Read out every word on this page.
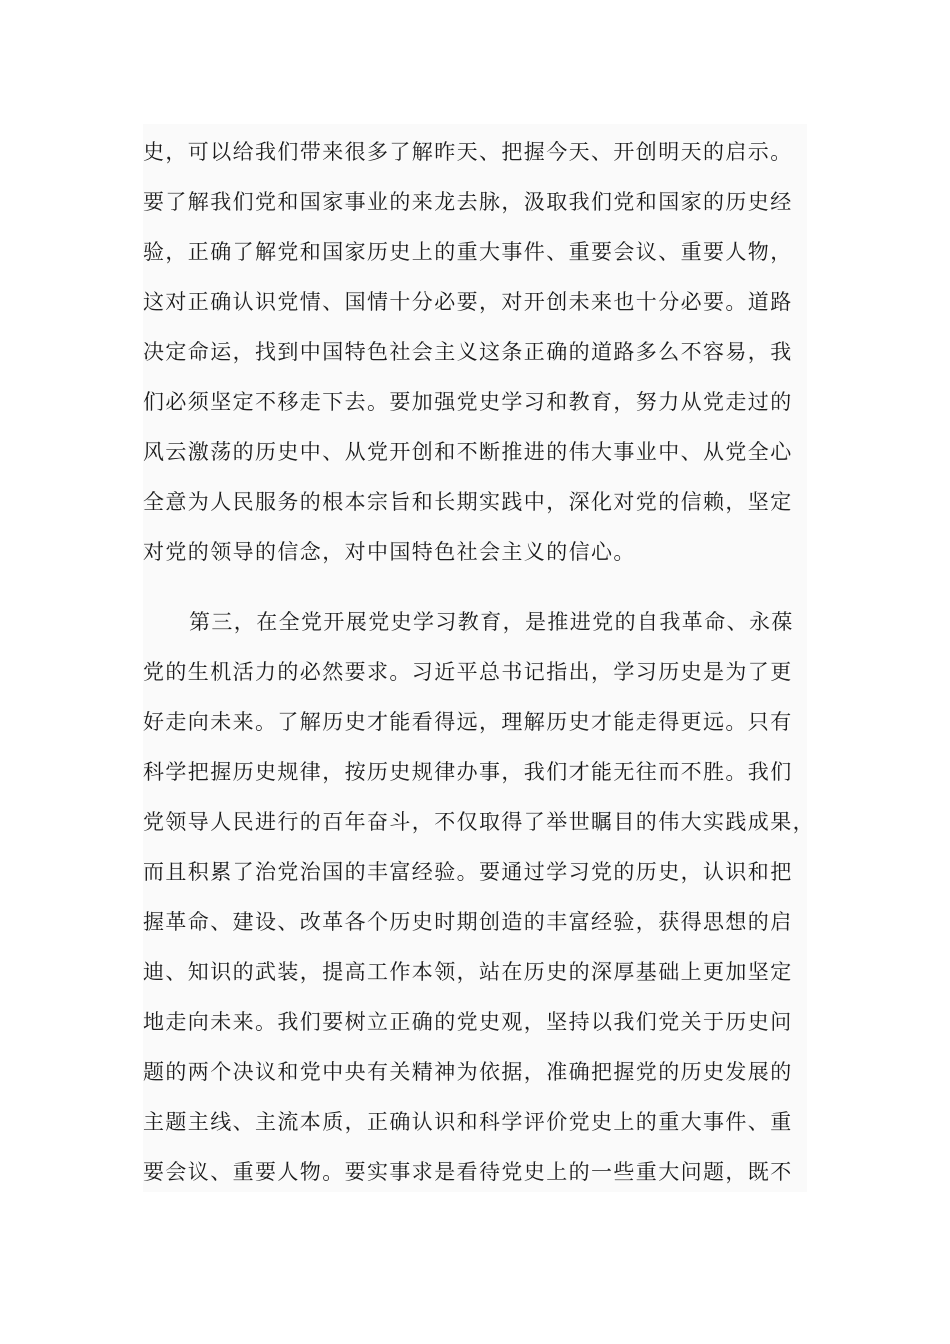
史，可以给我们带来很多了解昨天、把握今天、开创明天的启示。
要了解我们党和国家事业的来龙去脉，汲取我们党和国家的历史经
验，正确了解党和国家历史上的重大事件、重要会议、重要人物，
这对正确认识党情、国情十分必要，对开创未来也十分必要。道路
决定命运，找到中国特色社会主义这条正确的道路多么不容易，我
们必须坚定不移走下去。要加强党史学习和教育，努力从党走过的
风云激荡的历史中、从党开创和不断推进的伟大事业中、从党全心
全意为人民服务的根本宗旨和长期实践中，深化对党的信赖，坚定
对党的领导的信念，对中国特色社会主义的信心。
第三，在全党开展党史学习教育，是推进党的自我革命、永葆
党的生机活力的必然要求。习近平总书记指出，学习历史是为了更
好走向未来。了解历史才能看得远，理解历史才能走得更远。只有
科学把握历史规律，按历史规律办事，我们才能无往而不胜。我们
党领导人民进行的百年奋斗，不仅取得了举世瞩目的伟大实践成果，
而且积累了治党治国的丰富经验。要通过学习党的历史，认识和把
握革命、建设、改革各个历史时期创造的丰富经验，获得思想的启
迪、知识的武装，提高工作本领，站在历史的深厚基础上更加坚定
地走向未来。我们要树立正确的党史观，坚持以我们党关于历史问
题的两个决议和党中央有关精神为依据，准确把握党的历史发展的
主题主线、主流本质，正确认识和科学评价党史上的重大事件、重
要会议、重要人物。要实事求是看待党史上的一些重大问题，既不
